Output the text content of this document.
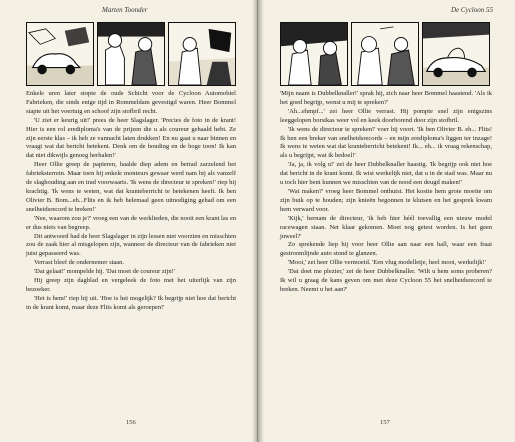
Marten Toonder

Enkele uren later stopte de oude Schicht voor de Cycloon Automobiel Fabrieken, die sinds enige tijd in Rommeldam gevestigd waren. Heer Bommel stapte uit het voertuig en schoof zijn stofbril recht.

'U ziet er keurig uit!' prees de heer Slagslager. 'Precies de foto in de krant! Hier is een rol erediploma's van de prijzen die u als coureur gehaald hebt. Ze zijn eerste klas – ik heb ze vannacht laten drukken! En nu gaat u naar binnen en vraagt wat dat bericht betekent. Denk om de houding en de hoge toon! Ik kan dat niet dikwijls genoeg herhalen!'

Heer Ollie greep de papieren, haalde diep adem en betrad zarzelend het fabrieksterrein. Maar toen hij enkele monteurs gewaar werd nam hij als vanzelf de slaghouding aan en trad voorwaarts. 'Ik wens de directeur te spreken!' riep hij krachtig. 'Ik wens te weten, wat dat kranteberricht te betekenen heeft. Ik ben Olivier B. Bom...eh...Flits en ik heb helemaal geen uitnodiging gehad om een snelheidsrecord te breken!'

'Nee, waarom zou je?' vroeg een van de werklieden, die nooit een krant las en er dus niets van begreep.

Dit antwoord had de heer Slagslager in zijn lessen niet voorzien en misschien zou de zaak hier al misgelopen zijn, wanneer de directeur van de fabrieken niet juist gepasseerd was.

Verrast bleef de ondernemer staan.

'Dat gelaat!' mompelde hij. 'Dat moet de coureur zijn!'

Hij greep zijn dagblad en vergeleek de foto met het uiterlijk van zijn bezoeker.

'Het is hem!' riep hij uit. 'Hoe is het mogelijk? Ik begrijp niet hoe dat bericht in de krant komt, maar deze Flits komt als geroepen!'

156
De Cycloon 55

'Mijn naam is Dubbelknaller!' sprak hij, zich naar heer Bommel haastend. 'Als ik het goed begrijp, wenst u mij te spreken?'

'Ah...ehmpf...' zei heer Ollie verrast. Hij pompte snel zijn enigszins leeggelopen borstkas weer vol en keek doorborend door zijn stofbril.

'Ik wens de directeur te spreken!' voer hij voort. 'Ik ben Olivier B. eh... Flits! Ik ben een breker van snelheidsrecords – en mijn erediploma's liggen ter inzage! Ik wens te weten wat dat kranteberricht betekent! Ik... eh... ik vraag rekenschap, als u begrijpt, wat ik bedoel!'

'Ja, ja, ik volg u!' zei de heer Dubbelknaller haastig. 'Ik begrijp ook niet hoe dat bericht in de krant komt. Ik wist werkelijk niet, dat u in de stad was. Maar nu u toch hier bent kunnen we misschien van de nood een deugd maken!'

'Wat maken?' vroeg heer Bommel onthutst. Het kostte hem grote moeite om zijn buik op te houden; zijn knieën begonnen te klutsen en het gesprek kwam hem verward voor.

'Kijk,' hernam de directeur, 'ik heb hier héél toevallig een nieuw model racewagen staan. Net klaar gekomen. Moet nog getest worden. Is het geen juweel?'

Zo sprekende liep hij voor heer Ollie aan naar een hall, waar een fraai gestroomlijnde auto stond te glanzen.

'Mooi,' zei heer Ollie vermoeid. 'Een vlug modelletje, heel mooi, werkelijk!'

'Dat doet me plezier,' zei de heer Dubbelknaller. 'Wilt u hem soms proberen? Ik wil u graag de kans geven om met deze Cycloon 55 het snelheidsrecord te breken. Neemt u het aan?'

157
